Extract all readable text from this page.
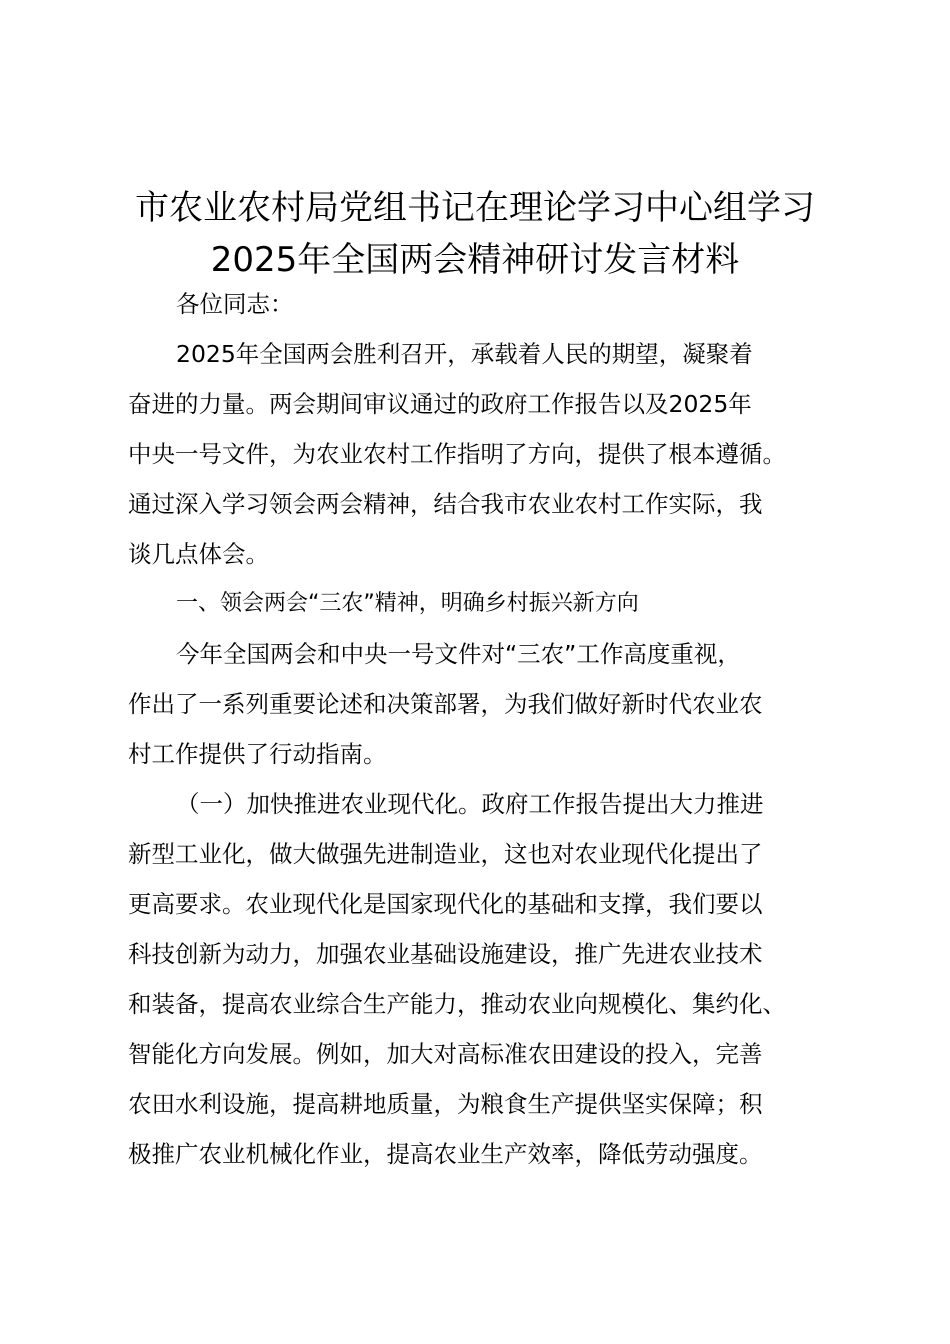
市农业农村局党组书记在理论学习中心组学习
2025年全国两会精神研讨发言材料
各位同志：
2025年全国两会胜利召开，承载着人民的期望，凝聚着
奋进的力量。两会期间审议通过的政府工作报告以及2025年
中央一号文件，为农业农村工作指明了方向，提供了根本遵循。
通过深入学习领会两会精神，结合我市农业农村工作实际，我
谈几点体会。
一、领会两会“三农”精神，明确乡村振兴新方向
今年全国两会和中央一号文件对“三农”工作高度重视，
作出了一系列重要论述和决策部署，为我们做好新时代农业农
村工作提供了行动指南。
（一）加快推进农业现代化。政府工作报告提出大力推进
新型工业化，做大做强先进制造业，这也对农业现代化提出了
更高要求。农业现代化是国家现代化的基础和支撑，我们要以
科技创新为动力，加强农业基础设施建设，推广先进农业技术
和装备，提高农业综合生产能力，推动农业向规模化、集约化、
智能化方向发展。例如，加大对高标准农田建设的投入，完善
农田水利设施，提高耕地质量，为粮食生产提供坚实保障；积
极推广农业机械化作业，提高农业生产效率，降低劳动强度。
